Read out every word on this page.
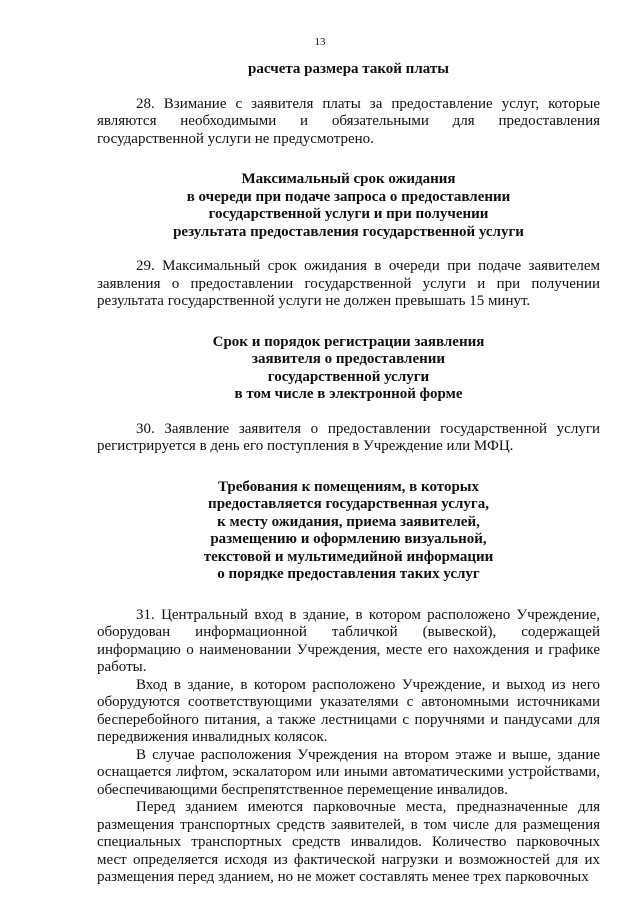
13

расчета размера такой платы

28. Взимание с заявителя платы за предоставление услуг, которые являются необходимыми и обязательными для предоставления государственной услуги не предусмотрено.

Максимальный срок ожидания
в очереди при подаче запроса о предоставлении
государственной услуги и при получении
результата предоставления государственной услуги

29. Максимальный срок ожидания в очереди при подаче заявителем заявления о предоставлении государственной услуги и при получении результата государственной услуги не должен превышать 15 минут.

Срок и порядок регистрации заявления
заявителя о предоставлении
государственной услуги
в том числе в электронной форме

30. Заявление заявителя о предоставлении государственной услуги регистрируется в день его поступления в Учреждение или МФЦ.

Требования к помещениям, в которых
предоставляется государственная услуга,
к месту ожидания, приема заявителей,
размещению и оформлению визуальной,
текстовой и мультимедийной информации
о порядке предоставления таких услуг

31. Центральный вход в здание, в котором расположено Учреждение, оборудован информационной табличкой (вывеской), содержащей информацию о наименовании Учреждения, месте его нахождения и графике работы.

Вход в здание, в котором расположено Учреждение, и выход из него оборудуются соответствующими указателями с автономными источниками бесперебойного питания, а также лестницами с поручнями и пандусами для передвижения инвалидных колясок.

В случае расположения Учреждения на втором этаже и выше, здание оснащается лифтом, эскалатором или иными автоматическими устройствами, обеспечивающими беспрепятственное перемещение инвалидов.

Перед зданием имеются парковочные места, предназначенные для размещения транспортных средств заявителей, в том числе для размещения специальных транспортных средств инвалидов. Количество парковочных мест определяется исходя из фактической нагрузки и возможностей для их размещения перед зданием, но не может составлять менее трех парковочных
